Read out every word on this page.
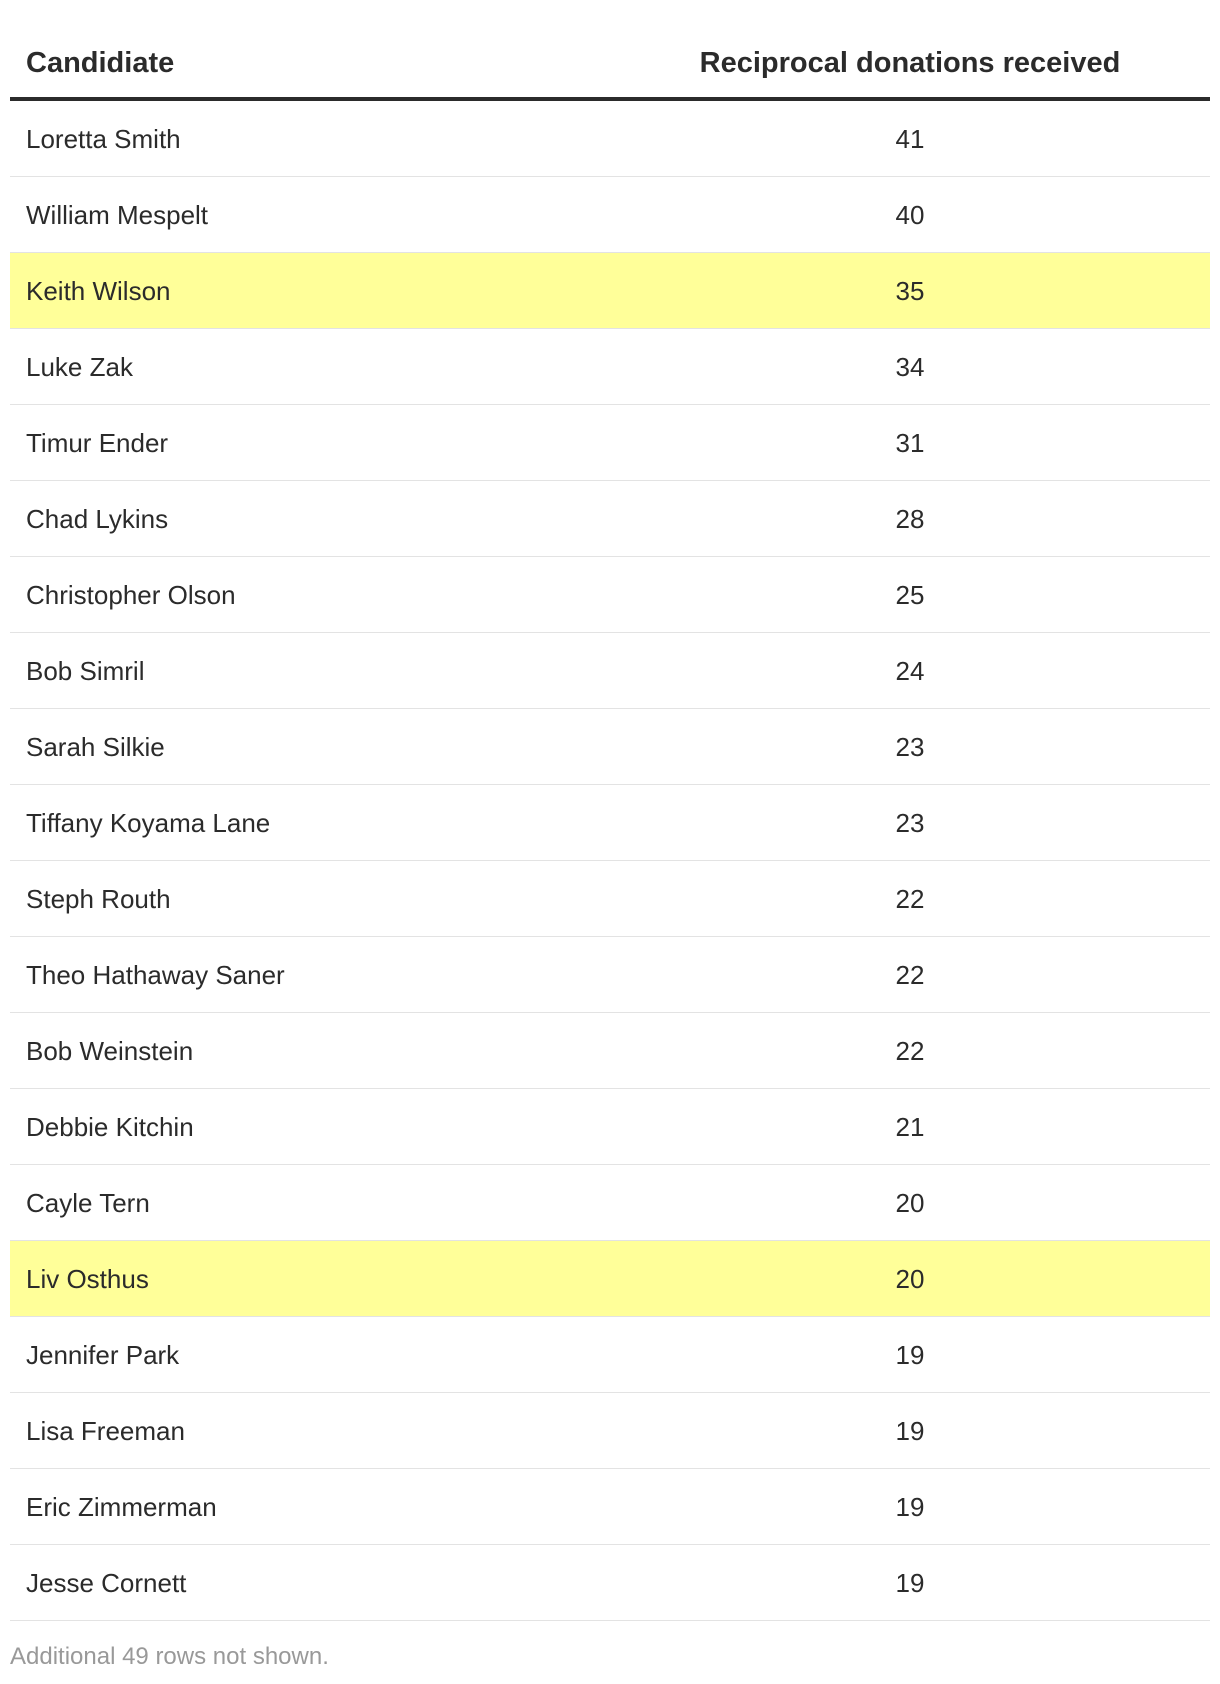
Candidiate	Reciprocal donations received
Loretta Smith	41
William Mespelt	40
Keith Wilson	35
Luke Zak	34
Timur Ender	31
Chad Lykins	28
Christopher Olson	25
Bob Simril	24
Sarah Silkie	23
Tiffany Koyama Lane	23
Steph Routh	22
Theo Hathaway Saner	22
Bob Weinstein	22
Debbie Kitchin	21
Cayle Tern	20
Liv Osthus	20
Jennifer Park	19
Lisa Freeman	19
Eric Zimmerman	19
Jesse Cornett	19
Additional 49 rows not shown.
